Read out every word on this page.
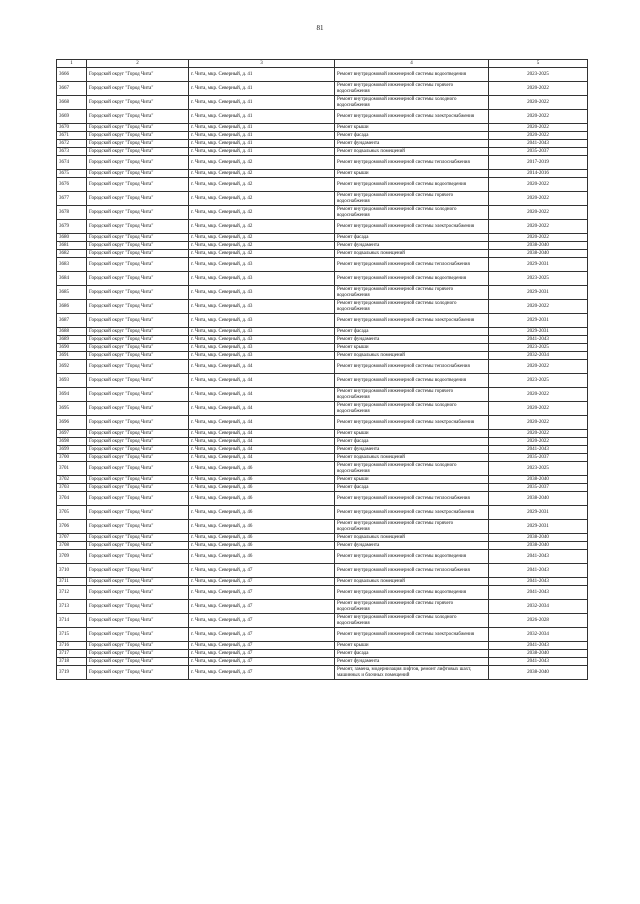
81
1	2	3	4	5
3666	Городской округ "Город Чита"	г. Чита, мкр. Северный, д. 41	Ремонт внутридомовой инженерной системы водоотведения	2023-2025
3667	Городской округ "Город Чита"	г. Чита, мкр. Северный, д. 41	Ремонт внутридомовой инженерной системы горячего водоснабжения	2020-2022
3668	Городской округ "Город Чита"	г. Чита, мкр. Северный, д. 41	Ремонт внутридомовой инженерной системы холодного водоснабжения	2020-2022
3669	Городской округ "Город Чита"	г. Чита, мкр. Северный, д. 41	Ремонт внутридомовой инженерной системы электроснабжения	2020-2022
3670	Городской округ "Город Чита"	г. Чита, мкр. Северный, д. 41	Ремонт крыши	2020-2022
3671	Городской округ "Город Чита"	г. Чита, мкр. Северный, д. 41	Ремонт фасада	2020-2022
3672	Городской округ "Город Чита"	г. Чита, мкр. Северный, д. 41	Ремонт фундамента	2041-2043
3673	Городской округ "Город Чита"	г. Чита, мкр. Северный, д. 41	Ремонт подвальных помещений	2035-2037
3674	Городской округ "Город Чита"	г. Чита, мкр. Северный, д. 42	Ремонт внутридомовой инженерной системы теплоснабжения	2017-2019
3675	Городской округ "Город Чита"	г. Чита, мкр. Северный, д. 42	Ремонт крыши	2014-2016
3676	Городской округ "Город Чита"	г. Чита, мкр. Северный, д. 42	Ремонт внутридомовой инженерной системы водоотведения	2020-2022
3677	Городской округ "Город Чита"	г. Чита, мкр. Северный, д. 42	Ремонт внутридомовой инженерной системы горячего водоснабжения	2020-2022
3678	Городской округ "Город Чита"	г. Чита, мкр. Северный, д. 42	Ремонт внутридомовой инженерной системы холодного водоснабжения	2020-2022
3679	Городской округ "Город Чита"	г. Чита, мкр. Северный, д. 42	Ремонт внутридомовой инженерной системы электроснабжения	2020-2022
3680	Городской округ "Город Чита"	г. Чита, мкр. Северный, д. 42	Ремонт фасада	2020-2022
3681	Городской округ "Город Чита"	г. Чита, мкр. Северный, д. 42	Ремонт фундамента	2038-2040
3682	Городской округ "Город Чита"	г. Чита, мкр. Северный, д. 42	Ремонт подвальных помещений	2038-2040
3683	Городской округ "Город Чита"	г. Чита, мкр. Северный, д. 43	Ремонт внутридомовой инженерной системы теплоснабжения	2029-2031
3684	Городской округ "Город Чита"	г. Чита, мкр. Северный, д. 43	Ремонт внутридомовой инженерной системы водоотведения	2023-2025
3685	Городской округ "Город Чита"	г. Чита, мкр. Северный, д. 43	Ремонт внутридомовой инженерной системы горячего водоснабжения	2029-2031
3686	Городской округ "Город Чита"	г. Чита, мкр. Северный, д. 43	Ремонт внутридомовой инженерной системы холодного водоснабжения	2020-2022
3687	Городской округ "Город Чита"	г. Чита, мкр. Северный, д. 43	Ремонт внутридомовой инженерной системы электроснабжения	2029-2031
3688	Городской округ "Город Чита"	г. Чита, мкр. Северный, д. 43	Ремонт фасада	2029-2031
3689	Городской округ "Город Чита"	г. Чита, мкр. Северный, д. 43	Ремонт фундамента	2041-2043
3690	Городской округ "Город Чита"	г. Чита, мкр. Северный, д. 43	Ремонт крыши	2023-2025
3691	Городской округ "Город Чита"	г. Чита, мкр. Северный, д. 43	Ремонт подвальных помещений	2032-2034
3692	Городской округ "Город Чита"	г. Чита, мкр. Северный, д. 44	Ремонт внутридомовой инженерной системы теплоснабжения	2020-2022
3693	Городской округ "Город Чита"	г. Чита, мкр. Северный, д. 44	Ремонт внутридомовой инженерной системы водоотведения	2023-2025
3694	Городской округ "Город Чита"	г. Чита, мкр. Северный, д. 44	Ремонт внутридомовой инженерной системы горячего водоснабжения	2020-2022
3695	Городской округ "Город Чита"	г. Чита, мкр. Северный, д. 44	Ремонт внутридомовой инженерной системы холодного водоснабжения	2020-2022
3696	Городской округ "Город Чита"	г. Чита, мкр. Северный, д. 44	Ремонт внутридомовой инженерной системы электроснабжения	2020-2022
3697	Городской округ "Город Чита"	г. Чита, мкр. Северный, д. 44	Ремонт крыши	2020-2022
3698	Городской округ "Город Чита"	г. Чита, мкр. Северный, д. 44	Ремонт фасада	2020-2022
3699	Городской округ "Город Чита"	г. Чита, мкр. Северный, д. 44	Ремонт фундамента	2041-2043
3700	Городской округ "Город Чита"	г. Чита, мкр. Северный, д. 44	Ремонт подвальных помещений	2035-2037
3701	Городской округ "Город Чита"	г. Чита, мкр. Северный, д. 46	Ремонт внутридомовой инженерной системы холодного водоснабжения	2023-2025
3702	Городской округ "Город Чита"	г. Чита, мкр. Северный, д. 46	Ремонт крыши	2038-2040
3703	Городской округ "Город Чита"	г. Чита, мкр. Северный, д. 46	Ремонт фасада	2035-2037
3704	Городской округ "Город Чита"	г. Чита, мкр. Северный, д. 46	Ремонт внутридомовой инженерной системы теплоснабжения	2038-2040
3705	Городской округ "Город Чита"	г. Чита, мкр. Северный, д. 46	Ремонт внутридомовой инженерной системы электроснабжения	2029-2031
3706	Городской округ "Город Чита"	г. Чита, мкр. Северный, д. 46	Ремонт внутридомовой инженерной системы горячего водоснабжения	2029-2031
3707	Городской округ "Город Чита"	г. Чита, мкр. Северный, д. 46	Ремонт подвальных помещений	2038-2040
3708	Городской округ "Город Чита"	г. Чита, мкр. Северный, д. 46	Ремонт фундамента	2038-2040
3709	Городской округ "Город Чита"	г. Чита, мкр. Северный, д. 46	Ремонт внутридомовой инженерной системы водоотведения	2041-2043
3710	Городской округ "Город Чита"	г. Чита, мкр. Северный, д. 47	Ремонт внутридомовой инженерной системы теплоснабжения	2041-2043
3711	Городской округ "Город Чита"	г. Чита, мкр. Северный, д. 47	Ремонт подвальных помещений	2041-2043
3712	Городской округ "Город Чита"	г. Чита, мкр. Северный, д. 47	Ремонт внутридомовой инженерной системы водоотведения	2041-2043
3713	Городской округ "Город Чита"	г. Чита, мкр. Северный, д. 47	Ремонт внутридомовой инженерной системы горячего водоснабжения	2032-2034
3714	Городской округ "Город Чита"	г. Чита, мкр. Северный, д. 47	Ремонт внутридомовой инженерной системы холодного водоснабжения	2026-2028
3715	Городской округ "Город Чита"	г. Чита, мкр. Северный, д. 47	Ремонт внутридомовой инженерной системы электроснабжения	2032-2034
3716	Городской округ "Город Чита"	г. Чита, мкр. Северный, д. 47	Ремонт крыши	2041-2043
3717	Городской округ "Город Чита"	г. Чита, мкр. Северный, д. 47	Ремонт фасада	2038-2040
3718	Городской округ "Город Чита"	г. Чита, мкр. Северный, д. 47	Ремонт фундамента	2041-2043
3719	Городской округ "Город Чита"	г. Чита, мкр. Северный, д. 47	Ремонт, замена, модернизация лифтов, ремонт лифтовых шахт, машинных и блочных помещений	2038-2040
